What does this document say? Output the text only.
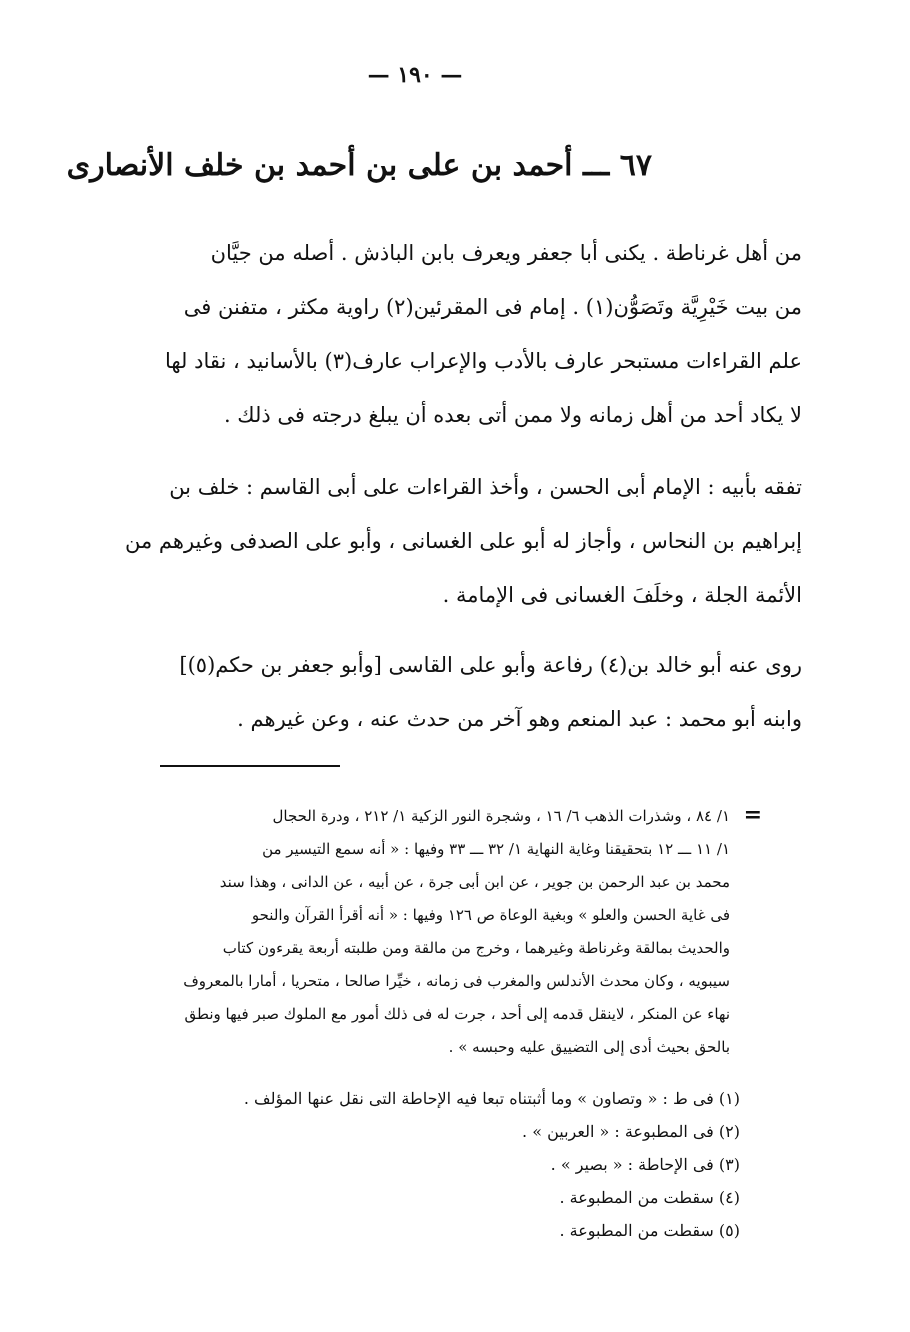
— ١٩٠ —
٦٧ ـــ أحمد بن على بن أحمد بن خلف الأنصارى
من أهل غرناطة . يكنى أبا جعفر ويعرف بابن الباذش . أصله من جيَّان
من بيت خَيْرِيَّة وتَصَوُّن(١) . إمام فى المقرئين(٢) راوية مكثر ، متفنن فى
علم القراءات مستبحر عارف بالأدب والإعراب عارف(٣) بالأسانيد ، نقاد لها
لا يكاد أحد من أهل زمانه ولا ممن أتى بعده أن يبلغ درجته فى ذلك .
تفقه بأبيه : الإمام أبى الحسن ، وأخذ القراءات على أبى القاسم : خلف بن
إبراهيم بن النحاس ، وأجاز له أبو على الغسانى ، وأبو على الصدفى وغيرهم من
الأئمة الجلة ، وخلَفَ الغسانى فى الإمامة .
روى عنه أبو خالد بن(٤) رفاعة وأبو على القاسى [وأبو جعفر بن حكم(٥)]
وابنه أبو محمد : عبد المنعم وهو آخر من حدث عنه ، وعن غيرهم .
=
١/ ٨٤ ، وشذرات الذهب ٦/ ١٦ ، وشجرة النور الزكية ١/ ٢١٢ ، ودرة الحجال
١/ ١١ ـــ ١٢ بتحقيقنا وغاية النهاية ١/ ٣٢ ـــ ٣٣ وفيها : « أنه سمع التيسير من
محمد بن عبد الرحمن بن جوير ، عن ابن أبى جرة ، عن أبيه ، عن الدانى ، وهذا سند
فى غاية الحسن والعلو » وبغية الوعاة ص ١٢٦ وفيها : « أنه أقرأ القرآن والنحو
والحديث بمالقة وغرناطة وغيرهما ، وخرج من مالقة ومن طلبته أربعة يقرءون كتاب
سيبويه ، وكان محدث الأندلس والمغرب فى زمانه ، خيِّرا صالحا ، متحريا ، أمارا بالمعروف
نهاء عن المنكر ، لاينقل قدمه إلى أحد ، جرت له فى ذلك أمور مع الملوك صبر فيها ونطق
بالحق بحيث أدى إلى التضييق عليه وحبسه » .
(١) فى ط : « وتصاون » وما أثبتناه تبعا فيه الإحاطة التى نقل عنها المؤلف .
(٢) فى المطبوعة : « العربين » .
(٣) فى الإحاطة : « بصير » .
(٤) سقطت من المطبوعة .
(٥) سقطت من المطبوعة .
